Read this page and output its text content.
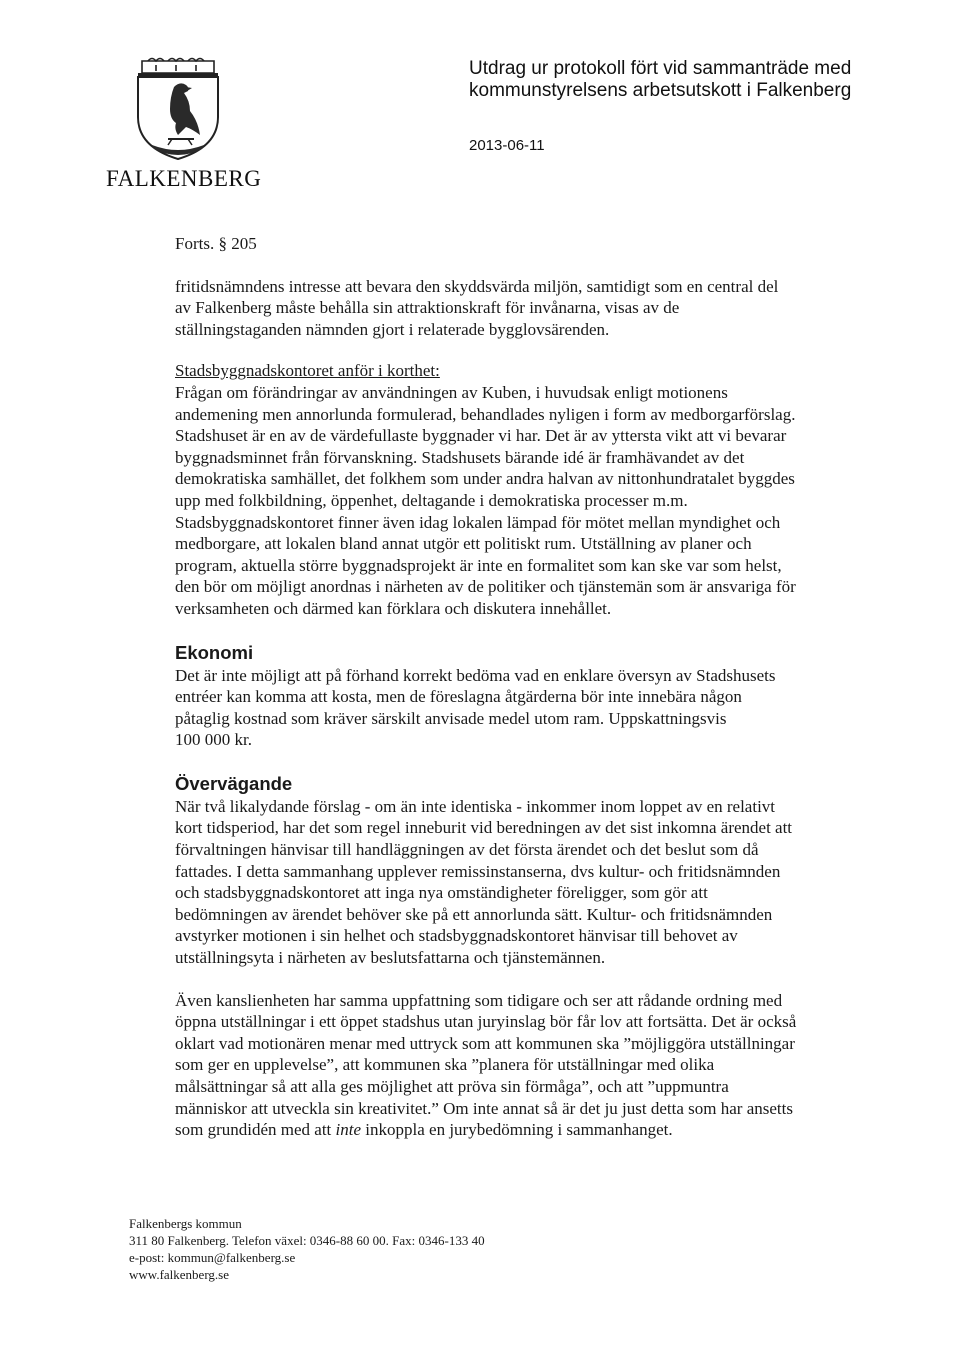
FALKENBERG
Utdrag ur protokoll fört vid sammanträde med
kommunstyrelsens arbetsutskott i Falkenberg
2013-06-11

Forts. § 205

fritidsnämndens intresse att bevara den skyddsvärda miljön, samtidigt som en central del
av Falkenberg måste behålla sin attraktionskraft för invånarna, visas av de
ställningstaganden nämnden gjort i relaterade bygglovsärenden.

Stadsbyggnadskontoret anför i korthet:
Frågan om förändringar av användningen av Kuben, i huvudsak enligt motionens
andemening men annorlunda formulerad, behandlades nyligen i form av medborgarförslag.
Stadshuset är en av de värdefullaste byggnader vi har. Det är av yttersta vikt att vi bevarar
byggnadsminnet från förvanskning. Stadshusets bärande idé är framhävandet av det
demokratiska samhället, det folkhem som under andra halvan av nittonhundratalet byggdes
upp med folkbildning, öppenhet, deltagande i demokratiska processer m.m.
Stadsbyggnadskontoret finner även idag lokalen lämpad för mötet mellan myndighet och
medborgare, att lokalen bland annat utgör ett politiskt rum. Utställning av planer och
program, aktuella större byggnadsprojekt är inte en formalitet som kan ske var som helst,
den bör om möjligt anordnas i närheten av de politiker och tjänstemän som är ansvariga för
verksamheten och därmed kan förklara och diskutera innehållet.

Ekonomi

Det är inte möjligt att på förhand korrekt bedöma vad en enklare översyn av Stadshusets
entréer kan komma att kosta, men de föreslagna åtgärderna bör inte innebära någon
påtaglig kostnad som kräver särskilt anvisade medel utom ram. Uppskattningsvis
100 000 kr.

Övervägande

När två likalydande förslag - om än inte identiska - inkommer inom loppet av en relativt
kort tidsperiod, har det som regel inneburit vid beredningen av det sist inkomna ärendet att
förvaltningen hänvisar till handläggningen av det första ärendet och det beslut som då
fattades. I detta sammanhang upplever remissinstanserna, dvs kultur- och fritidsnämnden
och stadsbyggnadskontoret att inga nya omständigheter föreligger, som gör att
bedömningen av ärendet behöver ske på ett annorlunda sätt. Kultur- och fritidsnämnden
avstyrker motionen i sin helhet och stadsbyggnadskontoret hänvisar till behovet av
utställningsyta i närheten av beslutsfattarna och tjänstemännen.

Även kanslienheten har samma uppfattning som tidigare och ser att rådande ordning med
öppna utställningar i ett öppet stadshus utan juryinslag bör får lov att fortsätta. Det är också
oklart vad motionären menar med uttryck som att kommunen ska ”möjliggöra utställningar
som ger en upplevelse”, att kommunen ska ”planera för utställningar med olika
målsättningar så att alla ges möjlighet att pröva sin förmåga”, och att ”uppmuntra
människor att utveckla sin kreativitet.” Om inte annat så är det ju just detta som har ansetts
som grundidén med att inte inkoppla en jurybedömning i sammanhanget.

Falkenbergs kommun
311 80 Falkenberg. Telefon växel: 0346-88 60 00. Fax: 0346-133 40
e-post: kommun@falkenberg.se
www.falkenberg.se
